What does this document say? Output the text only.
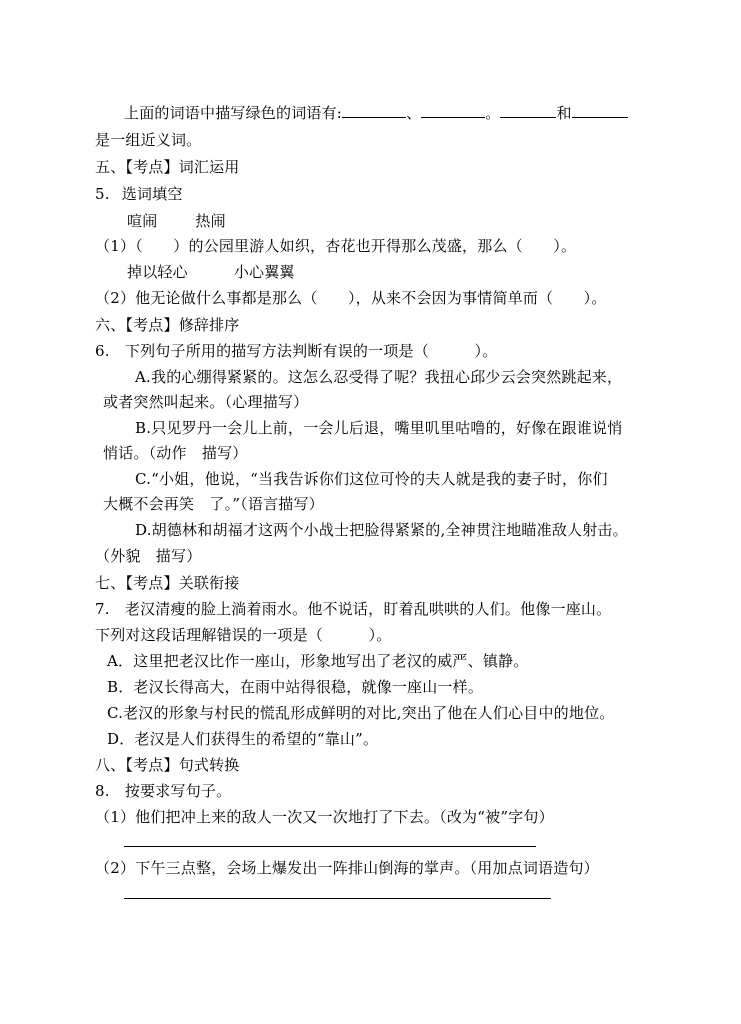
上面的词语中描写绿色的词语有:	、	。	和
是一组近义词。
五、【考点】词汇运用
5. 选词填空
喧闹	热闹
（1）（　　）的公园里游人如织，杏花也开得那么茂盛，那么（　　）。
掉以轻心	小心翼翼
（2）他无论做什么事都是那么（　　），从来不会因为事情简单而（　　）。
六、【考点】修辞排序
6.　下列句子所用的描写方法判断有误的一项是（　　　）。
A.我的心绷得紧紧的。这怎么忍受得了呢？我扭心邱少云会突然跳起来，
或者突然叫起来。（心理描写）
B.只见罗丹一会儿上前，一会儿后退，嘴里叽里咕噜的，好像在跟谁说悄
悄话。（动作　描写）
C.“小姐，他说，“当我告诉你们这位可怜的夫人就是我的妻子时，你们
大概不会再笑　了。”（语言描写）
D.胡德林和胡福才这两个小战士把脸得紧紧的,全神贯注地瞄准敌人射击。
（外貌　描写）
七、【考点】关联衔接
7.　老汉清瘦的脸上淌着雨水。他不说话，盯着乱哄哄的人们。他像一座山。
下列对这段话理解错误的一项是（　　　）。
A．这里把老汉比作一座山，形象地写出了老汉的威严、镇静。
B．老汉长得高大，在雨中站得很稳，就像一座山一样。
C.老汉的形象与村民的慌乱形成鲜明的对比,突出了他在人们心目中的地位。
D．老汉是人们获得生的希望的“靠山”。
八、【考点】句式转换
8.　按要求写句子。
（1）他们把冲上来的敌人一次又一次地打了下去。（改为“被”字句）
（2）下午三点整，会场上爆发出一阵排山倒海的掌声。（用加点词语造句）
